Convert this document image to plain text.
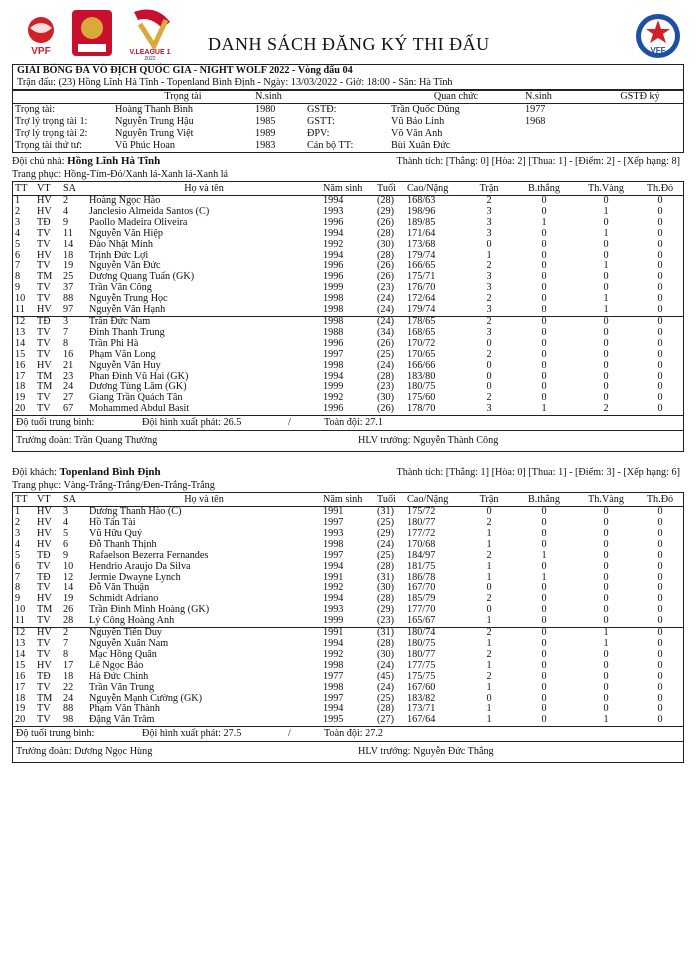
VPF	V.LEAGUE 1
2022
DANH SÁCH ĐĂNG KÝ THI ĐẤU	VFF
GIẢI BÓNG ĐÁ VÔ ĐỊCH QUỐC GIA - NIGHT WOLF 2022 - Vòng đấu 04
Trận đấu: (23) Hồng Lĩnh Hà Tĩnh - Topenland Bình Định - Ngày: 13/03/2022 - Giờ: 18:00 - Sân: Hà Tĩnh
	Trọng tài	N.sinh		Quan chức	N.sinh	GSTĐ ký
Trọng tài:	Hoàng Thanh Bình	1980	GSTĐ:	Trần Quốc Dũng	1977	
Trợ lý trọng tài 1:	Nguyễn Trung Hậu	1985	GSTT:	Vũ Bảo Linh	1968	
Trợ lý trọng tài 2:	Nguyễn Trung Việt	1989	ĐPV:	Võ Văn Anh		
Trọng tài thứ tư:	Vũ Phúc Hoan	1983	Cán bộ TT:	Bùi Xuân Đức		
Đội chủ nhà: Hồng Lĩnh Hà Tĩnh	Thành tích: [Thắng: 0] [Hòa: 2] [Thua: 1] - [Điểm: 2] - [Xếp hạng: 8]
Trang phục: Hồng-Tím-Đỏ/Xanh lá-Xanh lá-Xanh lá
TT	VT	SA	Họ và tên	Năm sinh	Tuổi	Cao/Nặng	Trận	B.thắng	Th.Vàng	Th.Đỏ
1	HV	2	Hoàng Ngọc Hào	1994	(28)	168/63	2	0	0	0
2	HV	4	Janclesio Almeida Santos (C)	1993	(29)	198/96	3	0	1	0
3	TĐ	9	Paollo Madeira Oliveira	1996	(26)	189/85	3	1	0	0
4	TV	11	Nguyễn Văn Hiệp	1994	(28)	171/64	3	0	1	0
5	TV	14	Đào Nhật Minh	1992	(30)	173/68	0	0	0	0
6	HV	18	Trịnh Đức Lợi	1994	(28)	179/74	1	0	0	0
7	TV	19	Nguyễn Văn Đức	1996	(26)	166/65	2	0	1	0
8	TM	25	Dương Quang Tuấn (GK)	1996	(26)	175/71	3	0	0	0
9	TV	37	Trần Văn Công	1999	(23)	176/70	3	0	0	0
10	TV	88	Nguyễn Trung Học	1998	(24)	172/64	2	0	1	0
11	HV	97	Nguyễn Văn Hạnh	1998	(24)	179/74	3	0	1	0
12	TĐ	3	Trần Đức Nam	1998	(24)	178/65	2	0	0	0
13	TV	7	Đinh Thanh Trung	1988	(34)	168/65	3	0	0	0
14	TV	8	Trần Phi Hà	1996	(26)	170/72	0	0	0	0
15	TV	16	Phạm Văn Long	1997	(25)	170/65	2	0	0	0
16	HV	21	Nguyễn Văn Huy	1998	(24)	166/66	0	0	0	0
17	TM	23	Phan Đình Vũ Hai (GK)	1994	(28)	183/80	0	0	0	0
18	TM	24	Dương Tùng Lâm (GK)	1999	(23)	180/75	0	0	0	0
19	TV	27	Giang Trần Quách Tân	1992	(30)	175/60	2	0	0	0
20	TV	67	Mohammed Abdul Basit	1996	(26)	178/70	3	1	2	0
Độ tuổi trung bình:	Đội hình xuất phát: 26.5	/	Toàn đội: 27.1
Trưởng đoàn: Trần Quang Thưởng	HLV trưởng: Nguyễn Thành Công
Đội khách: Topenland Bình Định	Thành tích: [Thắng: 1] [Hòa: 0] [Thua: 1] - [Điểm: 3] - [Xếp hạng: 6]
Trang phục: Vàng-Trắng-Trắng/Đen-Trắng-Trắng
TT	VT	SA	Họ và tên	Năm sinh	Tuổi	Cao/Nặng	Trận	B.thắng	Th.Vàng	Th.Đỏ
1	HV	3	Dương Thanh Hào (C)	1991	(31)	175/72	0	0	0	0
2	HV	4	Hồ Tấn Tài	1997	(25)	180/77	2	0	0	0
3	HV	5	Vũ Hữu Quý	1993	(29)	177/72	1	0	0	0
4	HV	6	Đỗ Thanh Thịnh	1998	(24)	170/68	1	0	0	0
5	TĐ	9	Rafaelson Bezerra Fernandes	1997	(25)	184/97	2	1	0	0
6	TV	10	Hendrio Araujo Da Silva	1994	(28)	181/75	1	0	0	0
7	TĐ	12	Jermie Dwayne Lynch	1991	(31)	186/78	1	1	0	0
8	TV	14	Đỗ Văn Thuận	1992	(30)	167/70	0	0	0	0
9	HV	19	Schmidt Adriano	1994	(28)	185/79	2	0	0	0
10	TM	26	Trần Đình Minh Hoàng (GK)	1993	(29)	177/70	0	0	0	0
11	TV	28	Lý Công Hoàng Anh	1999	(23)	165/67	1	0	0	0
12	HV	2	Nguyễn Tiến Duy	1991	(31)	180/74	2	0	1	0
13	TV	7	Nguyễn Xuân Nam	1994	(28)	180/75	1	0	1	0
14	TV	8	Mạc Hồng Quân	1992	(30)	180/77	2	0	0	0
15	HV	17	Lê Ngọc Bảo	1998	(24)	177/75	1	0	0	0
16	TĐ	18	Hà Đức Chinh	1977	(45)	175/75	2	0	0	0
17	TV	22	Trần Văn Trung	1998	(24)	167/60	1	0	0	0
18	TM	24	Nguyễn Mạnh Cường (GK)	1997	(25)	183/82	0	0	0	0
19	TV	88	Phạm Văn Thành	1994	(28)	173/71	1	0	0	0
20	TV	98	Đặng Văn Trâm	1995	(27)	167/64	1	0	1	0
Độ tuổi trung bình:	Đội hình xuất phát: 27.5	/	Toàn đội: 27.2
Trưởng đoàn: Dương Ngọc Hùng	HLV trưởng: Nguyễn Đức Thắng
